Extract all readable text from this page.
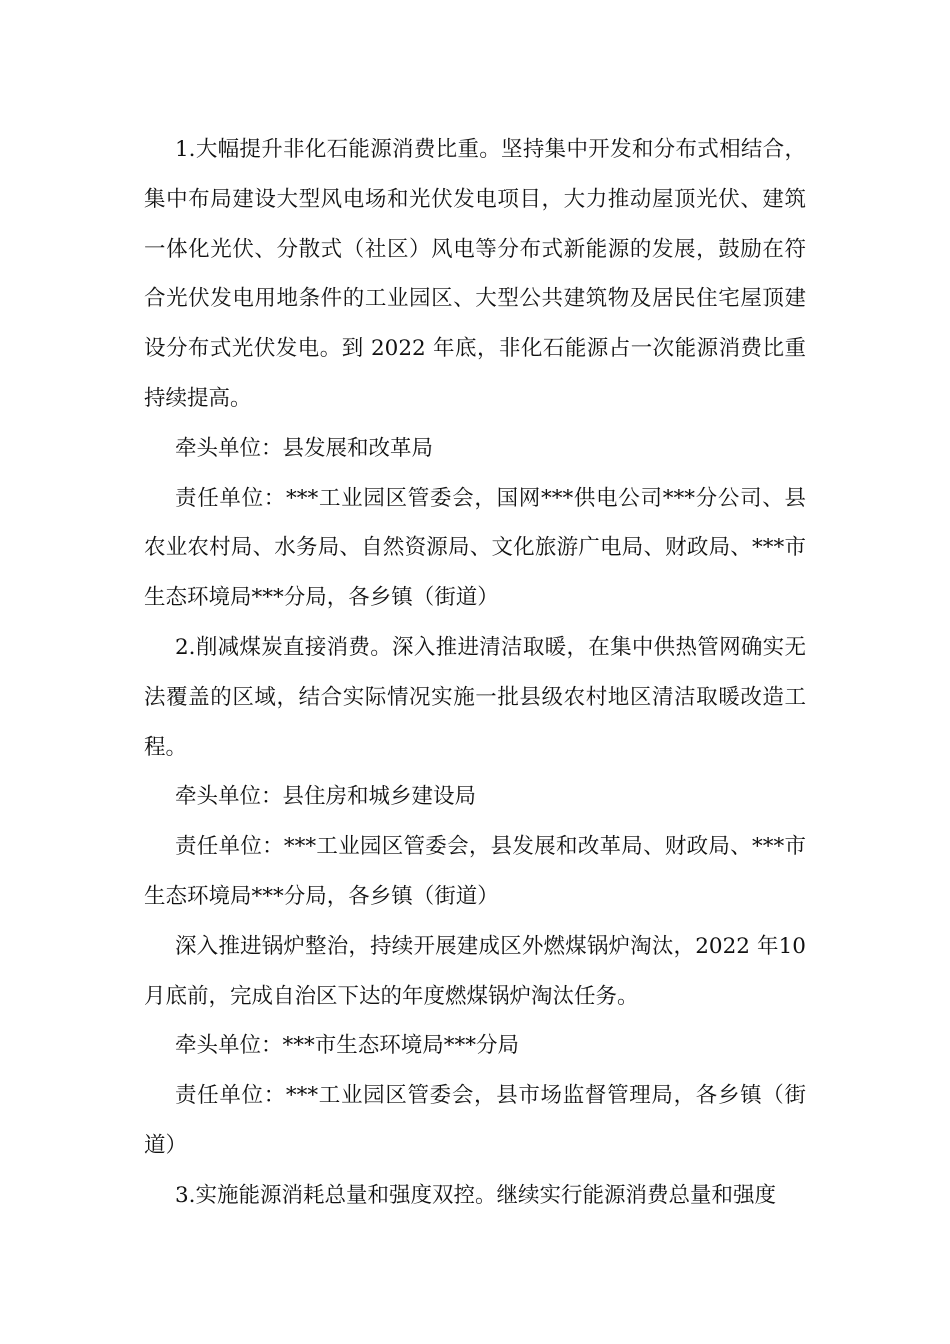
1.大幅提升非化石能源消费比重。坚持集中开发和分布式相结合，集中布局建设大型风电场和光伏发电项目，大力推动屋顶光伏、建筑一体化光伏、分散式（社区）风电等分布式新能源的发展，鼓励在符合光伏发电用地条件的工业园区、大型公共建筑物及居民住宅屋顶建设分布式光伏发电。到 2022 年底，非化石能源占一次能源消费比重持续提高。

牵头单位：县发展和改革局

责任单位：***工业园区管委会，国网***供电公司***分公司、县农业农村局、水务局、自然资源局、文化旅游广电局、财政局、***市生态环境局***分局，各乡镇（街道）

2.削减煤炭直接消费。深入推进清洁取暖，在集中供热管网确实无法覆盖的区域，结合实际情况实施一批县级农村地区清洁取暖改造工程。

牵头单位：县住房和城乡建设局

责任单位：***工业园区管委会，县发展和改革局、财政局、***市生态环境局***分局，各乡镇（街道）

深入推进锅炉整治，持续开展建成区外燃煤锅炉淘汰，2022 年10 月底前，完成自治区下达的年度燃煤锅炉淘汰任务。

牵头单位：***市生态环境局***分局

责任单位：***工业园区管委会，县市场监督管理局，各乡镇（街道）

3.实施能源消耗总量和强度双控。继续实行能源消费总量和强度
